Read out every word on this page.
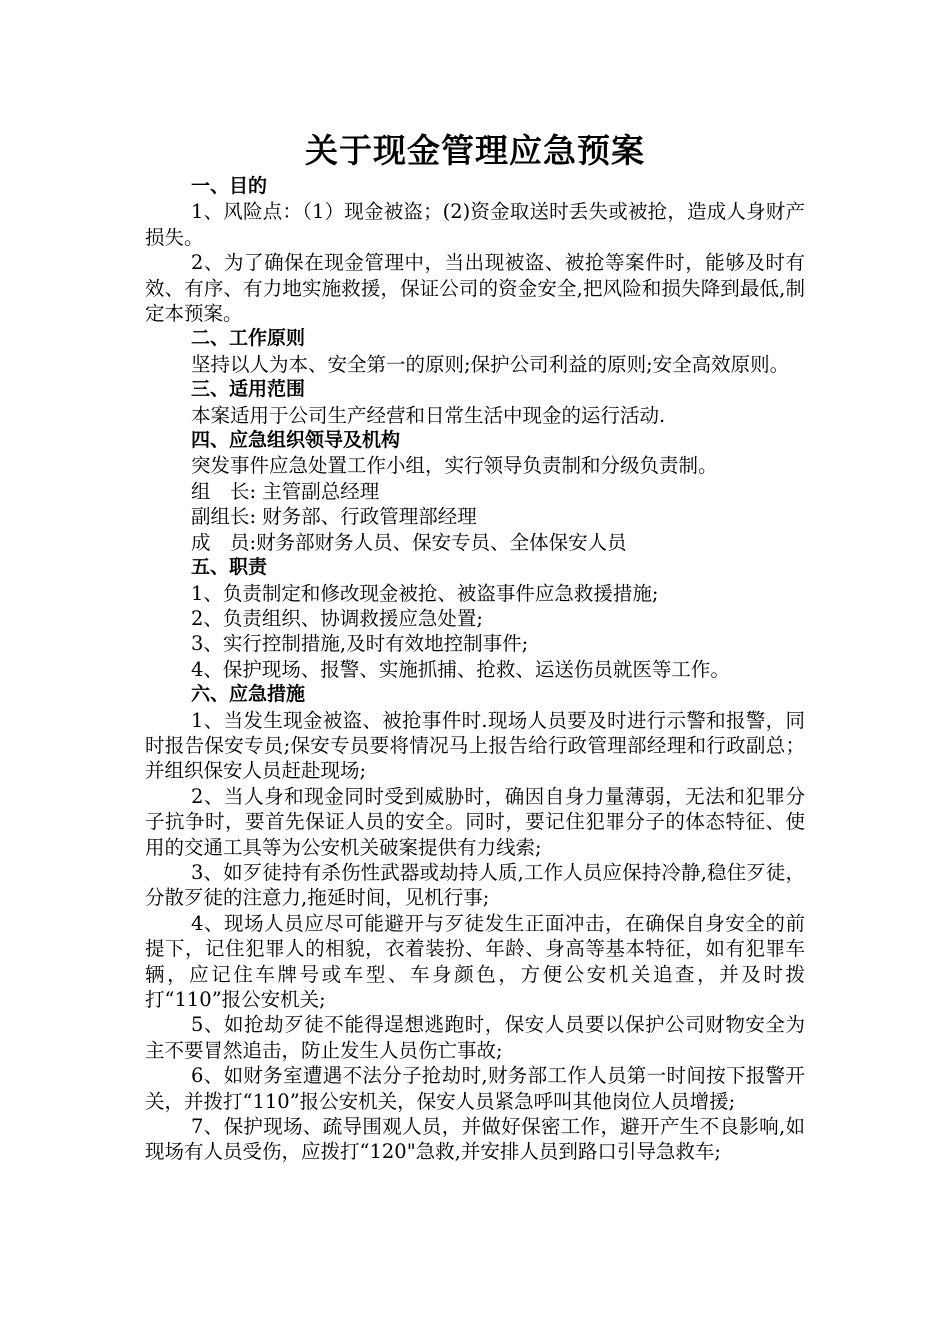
关于现金管理应急预案

一、目的

1、风险点：（1）现金被盗；(2)资金取送时丢失或被抢，造成人身财产损失。

2、为了确保在现金管理中，当出现被盗、被抢等案件时，能够及时有效、有序、有力地实施救援，保证公司的资金安全,把风险和损失降到最低,制定本预案。

二、工作原则

坚持以人为本、安全第一的原则;保护公司利益的原则;安全高效原则。

三、适用范围

本案适用于公司生产经营和日常生活中现金的运行活动.

四、应急组织领导及机构

突发事件应急处置工作小组，实行领导负责制和分级负责制。

组　长: 主管副总经理

副组长: 财务部、行政管理部经理

成　员:财务部财务人员、保安专员、全体保安人员

五、职责

1、负责制定和修改现金被抢、被盗事件应急救援措施;

2、负责组织、协调救援应急处置;

3、实行控制措施,及时有效地控制事件;

4、保护现场、报警、实施抓捕、抢救、运送伤员就医等工作。

六、应急措施

1、当发生现金被盗、被抢事件时.现场人员要及时进行示警和报警，同时报告保安专员;保安专员要将情况马上报告给行政管理部经理和行政副总；并组织保安人员赶赴现场;

2、当人身和现金同时受到威胁时，确因自身力量薄弱，无法和犯罪分子抗争时，要首先保证人员的安全。同时，要记住犯罪分子的体态特征、使用的交通工具等为公安机关破案提供有力线索;

3、如歹徒持有杀伤性武器或劫持人质,工作人员应保持冷静,稳住歹徒，分散歹徒的注意力,拖延时间，见机行事;

4、现场人员应尽可能避开与歹徒发生正面冲击，在确保自身安全的前提下，记住犯罪人的相貌，衣着装扮、年龄、身高等基本特征，如有犯罪车辆，应记住车牌号或车型、车身颜色，方便公安机关追查，并及时拨打“110”报公安机关;

5、如抢劫歹徒不能得逞想逃跑时，保安人员要以保护公司财物安全为主不要冒然追击，防止发生人员伤亡事故;

6、如财务室遭遇不法分子抢劫时,财务部工作人员第一时间按下报警开关，并拨打“110”报公安机关，保安人员紧急呼叫其他岗位人员增援;

7、保护现场、疏导围观人员，并做好保密工作，避开产生不良影响,如现场有人员受伤，应拨打“120"急救,并安排人员到路口引导急救车;
